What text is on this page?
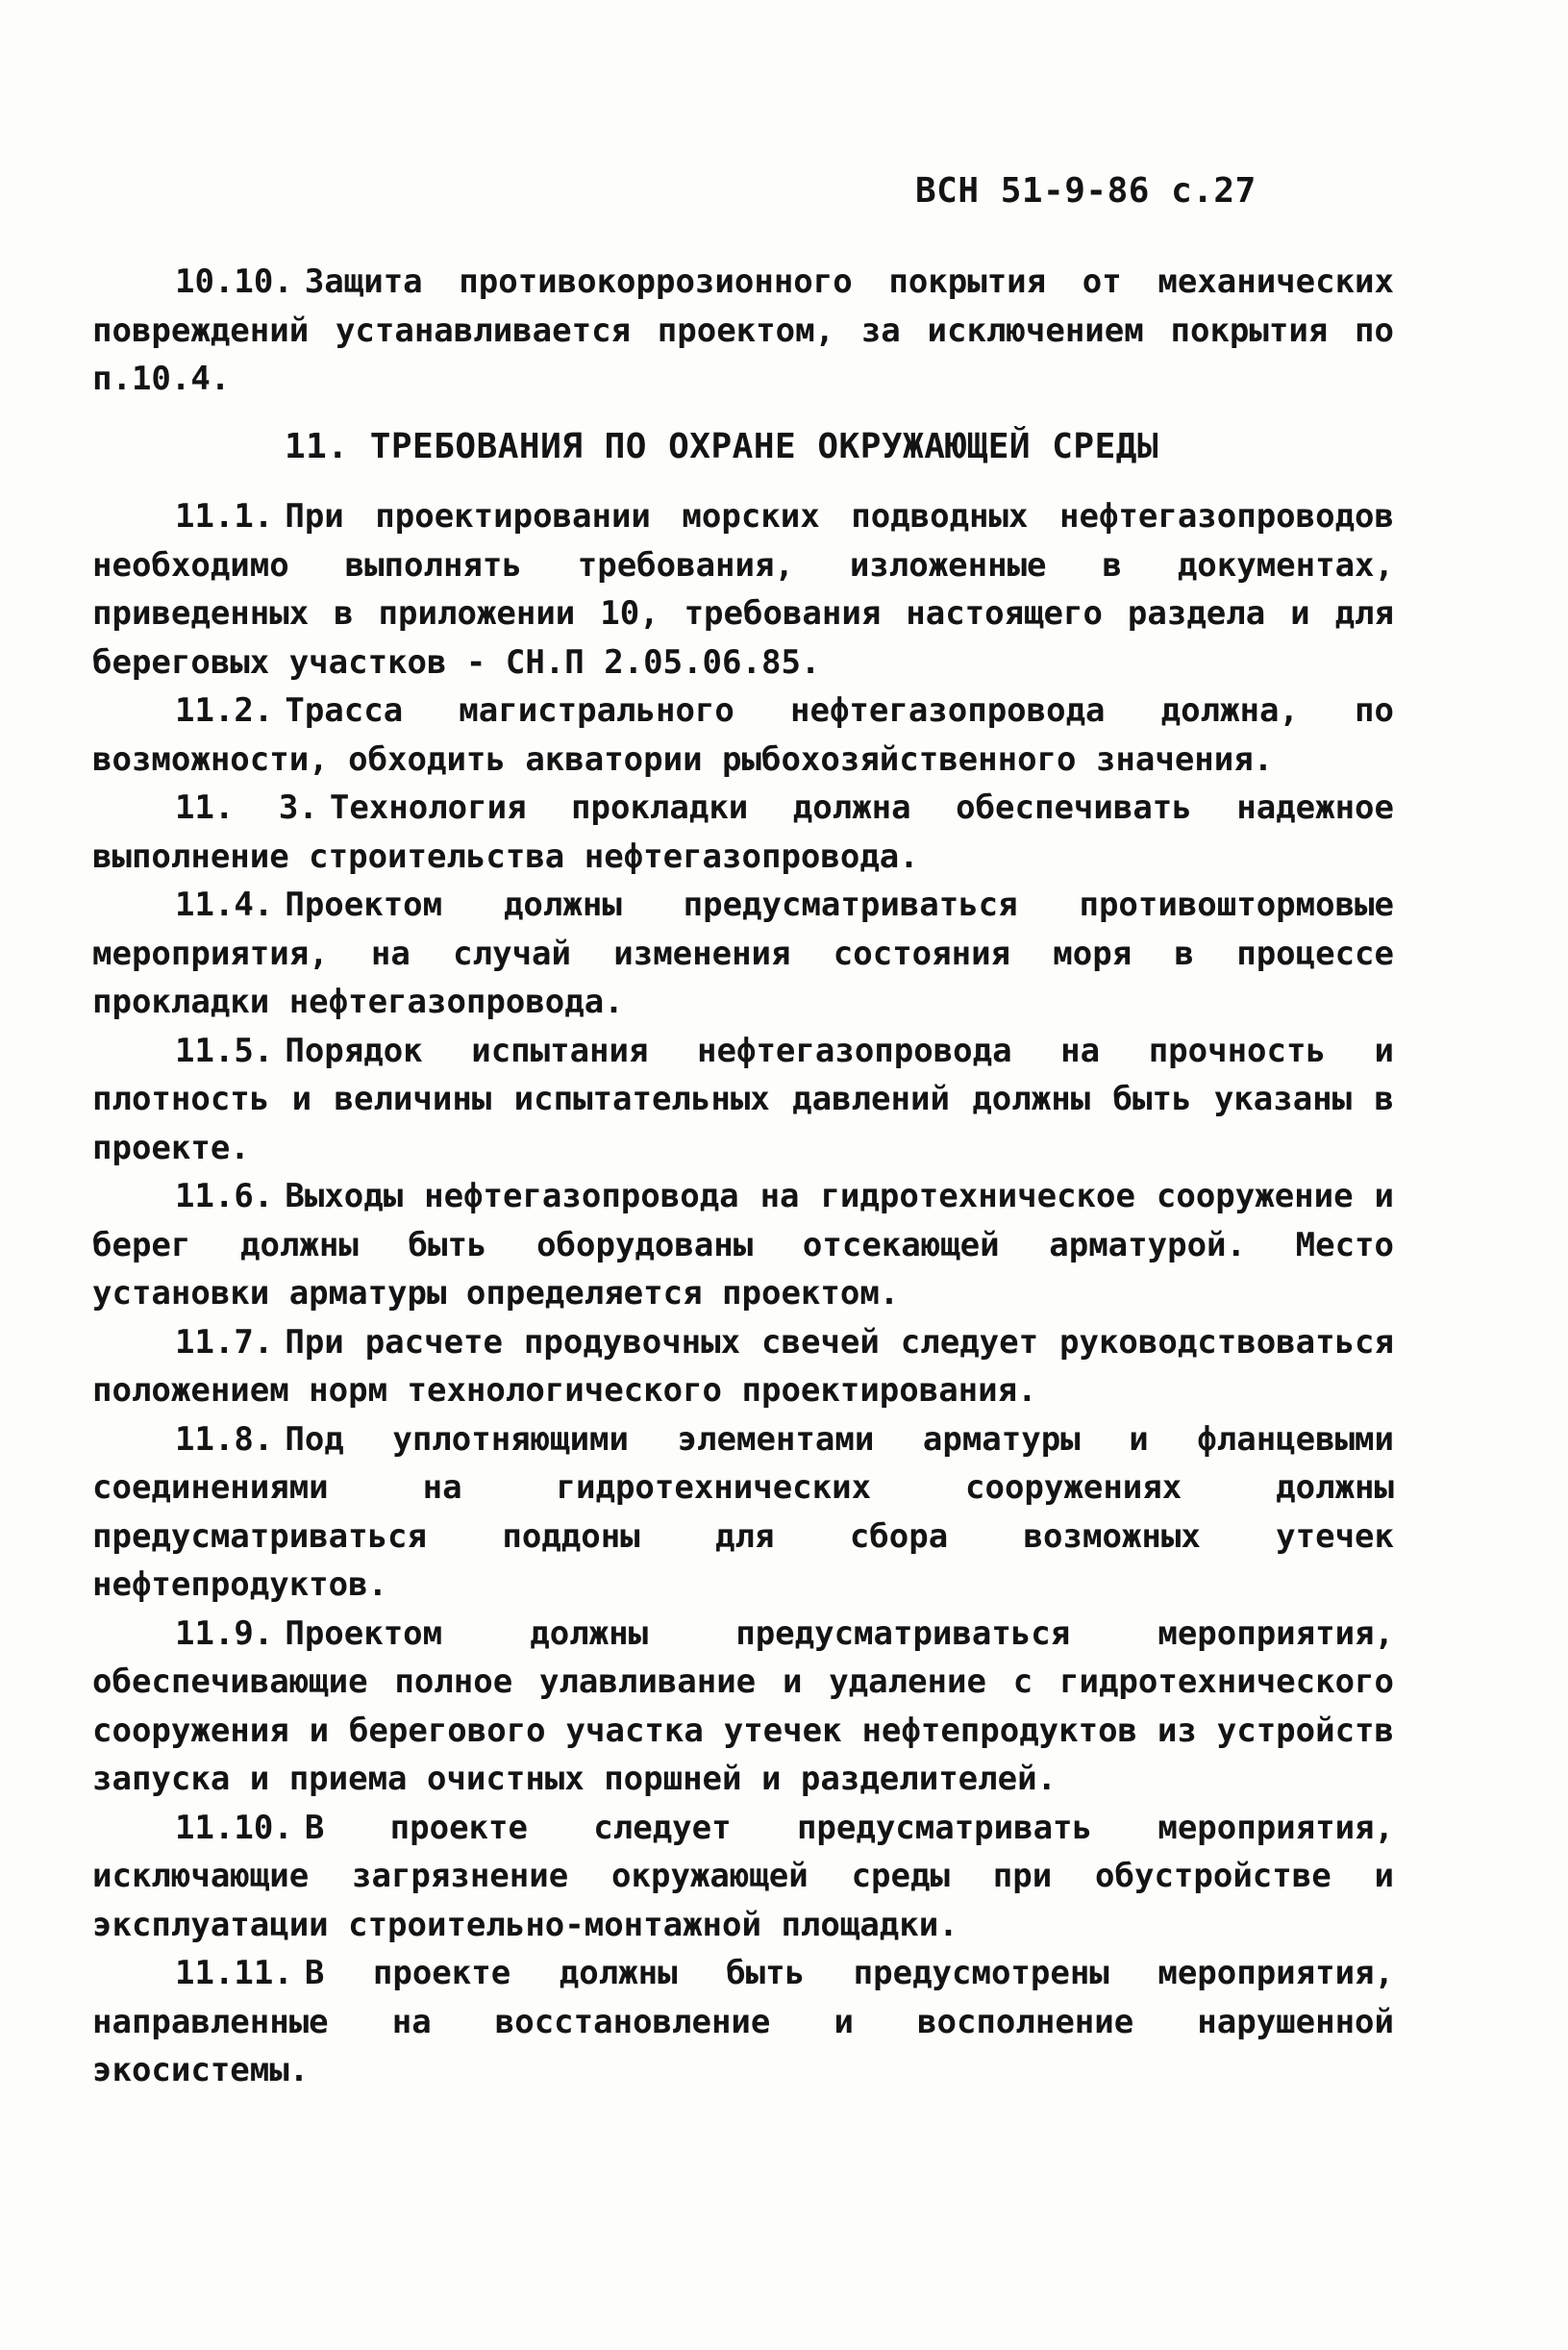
ВСН 51-9-86 с.27

10.10. Защита противокоррозионного покрытия от механических повреждений устанавливается проектом, за исключением покрытия по п.10.4.

11. ТРЕБОВАНИЯ ПО ОХРАНЕ ОКРУЖАЮЩЕЙ СРЕДЫ

11.1. При проектировании морских подводных нефтегазопроводов необходимо выполнять требования, изложенные в документах, приведенных в приложении 10, требования настоящего раздела и для береговых участков - СН.П 2.05.06.85.

11.2. Трасса магистрального нефтегазопровода должна, по возможности, обходить акватории рыбохозяйственного значения.

11. 3. Технология прокладки должна обеспечивать надежное выполнение строительства нефтегазопровода.

11.4. Проектом должны предусматриваться противоштормовые мероприятия, на случай изменения состояния моря в процессе прокладки нефтегазопровода.

11.5. Порядок испытания нефтегазопровода на прочность и плотность и величины испытательных давлений должны быть указаны в проекте.

11.6. Выходы нефтегазопровода на гидротехническое сооружение и берег должны быть оборудованы отсекающей арматурой. Место установки арматуры определяется проектом.

11.7. При расчете продувочных свечей следует руководствоваться положением норм технологического проектирования.

11.8. Под уплотняющими элементами арматуры и фланцевыми соединениями на гидротехнических сооружениях должны предусматриваться поддоны для сбора возможных утечек нефтепродуктов.

11.9. Проектом должны предусматриваться мероприятия, обеспечивающие полное улавливание и удаление с гидротехнического сооружения и берегового участка утечек нефтепродуктов из устройств запуска и приема очистных поршней и разделителей.

11.10. В проекте следует предусматривать мероприятия, исключающие загрязнение окружающей среды при обустройстве и эксплуатации строительно-монтажной площадки.

11.11. В проекте должны быть предусмотрены мероприятия, направленные на восстановление и восполнение нарушенной экосистемы.
